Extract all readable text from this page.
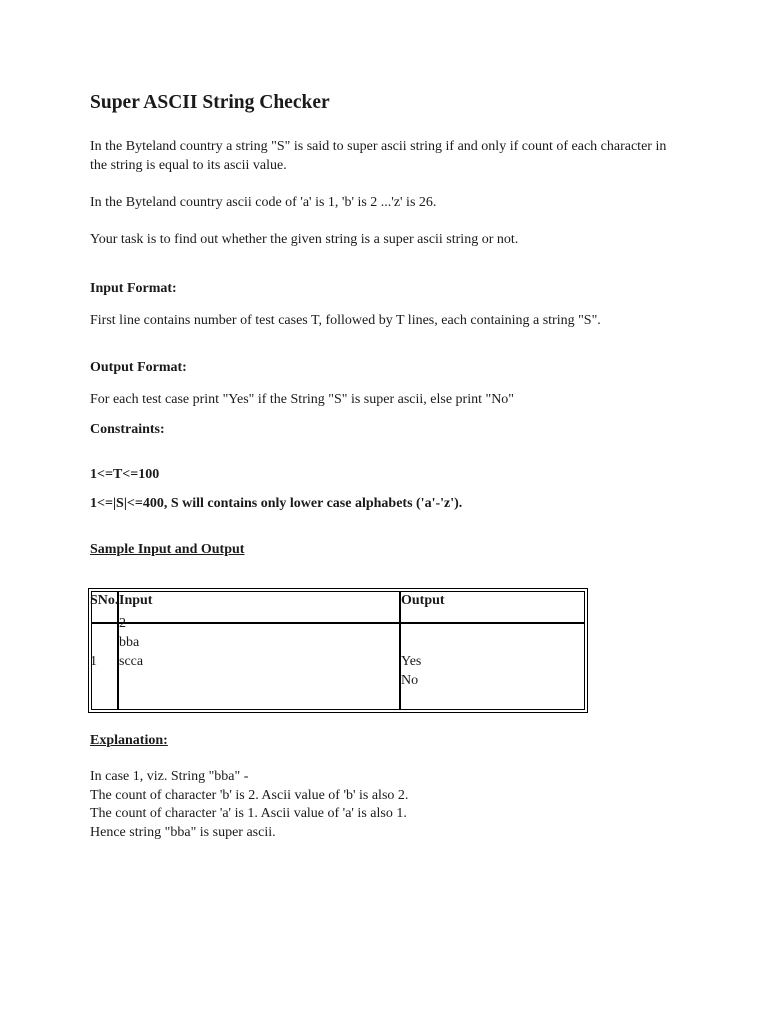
Super ASCII String Checker
In the Byteland country a string "S" is said to super ascii string if and only if count of each character in the string is equal to its ascii value.
In the Byteland country ascii code of 'a' is 1, 'b' is 2 ...'z' is 26.
Your task is to find out whether the given string is a super ascii string or not.
Input Format:
First line contains number of test cases T, followed by T lines, each containing a string "S".
Output Format:
For each test case print "Yes" if the String "S" is super ascii, else print "No"
Constraints:
1<=T<=100
1<=|S|<=400, S will contains only lower case alphabets ('a'-'z').
Sample Input and Output
SNo. Input	Output
1
2
bba
scca	Yes
No
Explanation:
In case 1, viz. String "bba" -
The count of character 'b' is 2. Ascii value of 'b' is also 2.
The count of character 'a' is 1. Ascii value of 'a' is also 1.
Hence string "bba" is super ascii.
